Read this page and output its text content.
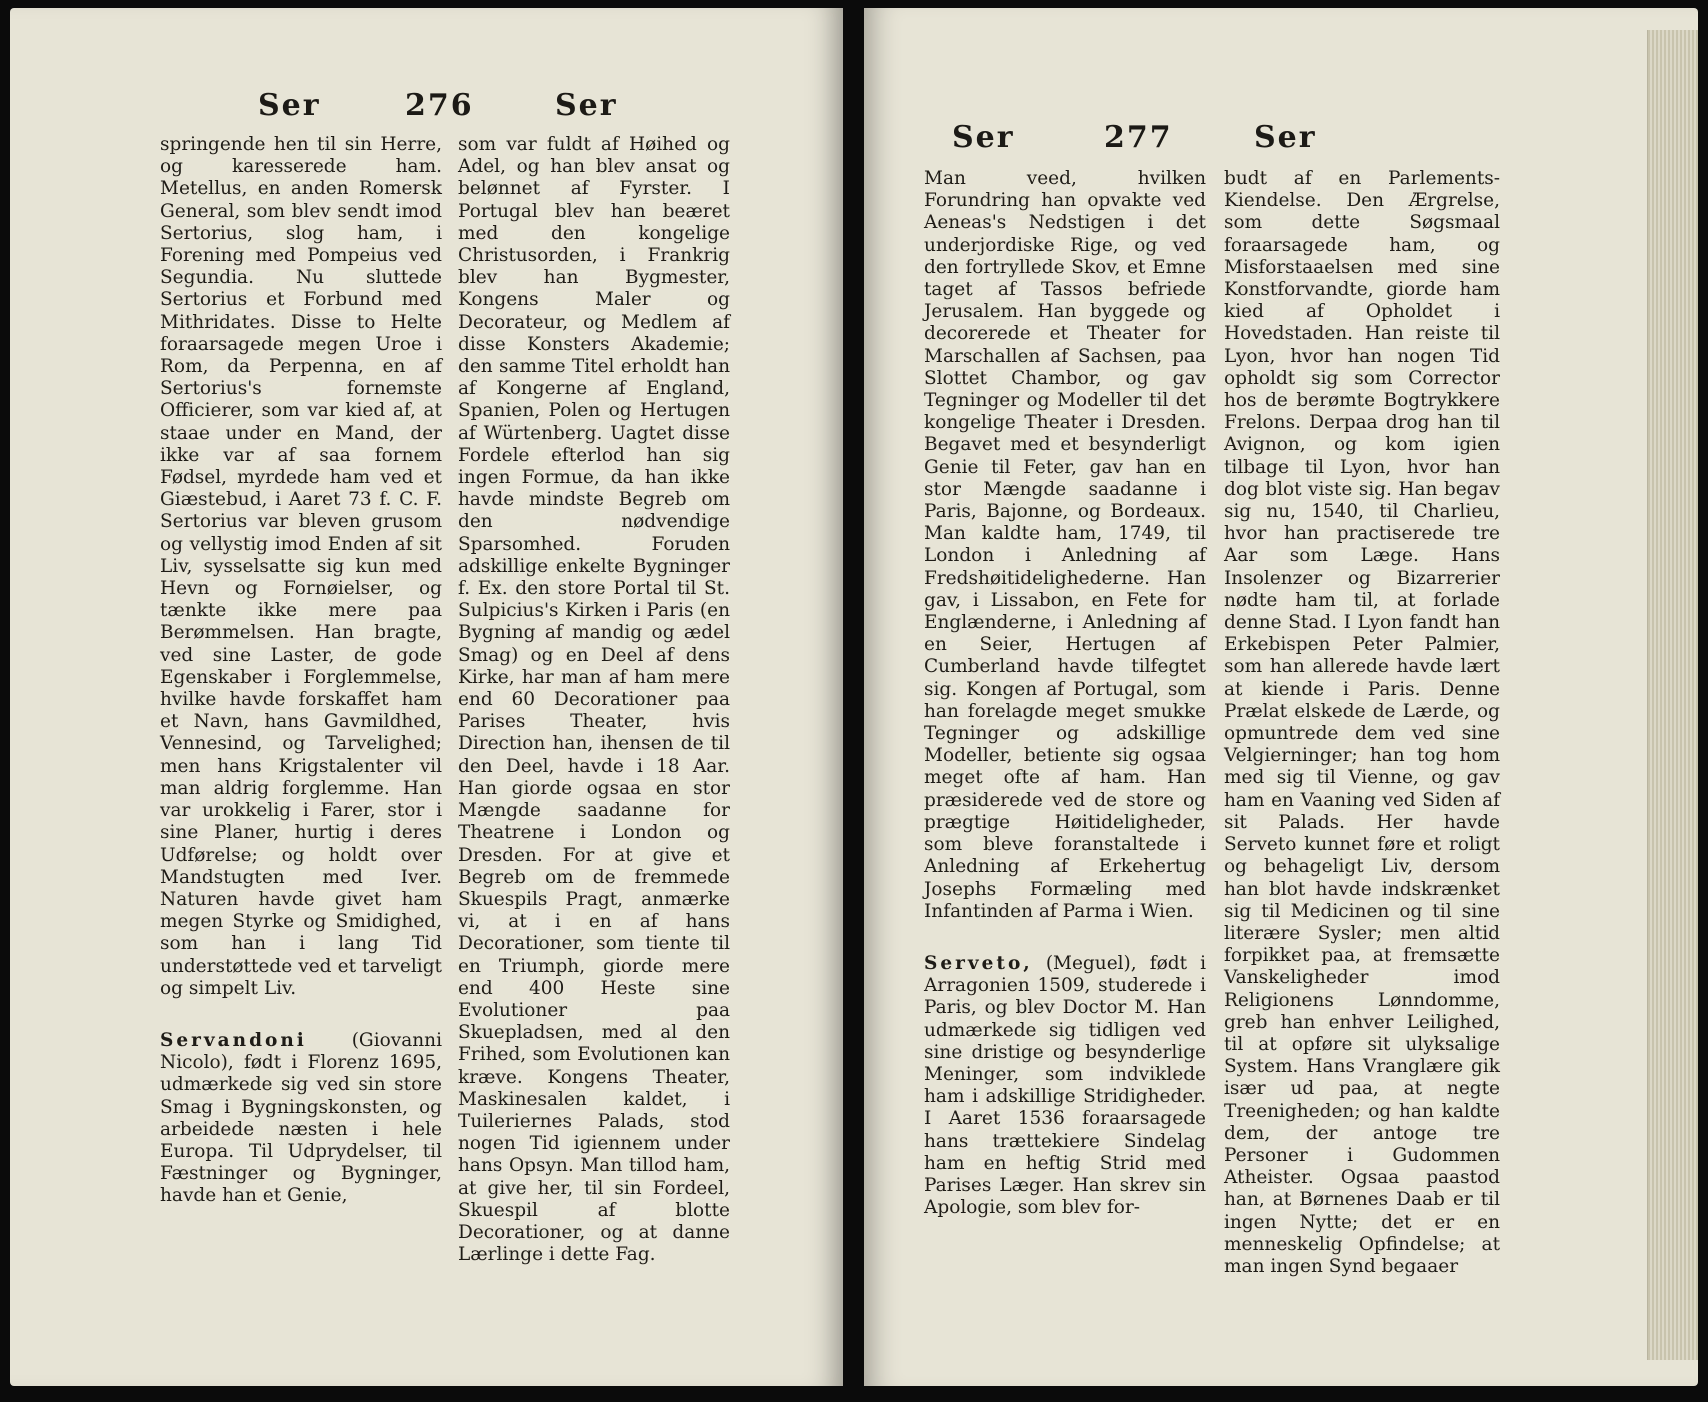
Ser	276	Ser

springende hen til sin Herre, og karesserede ham. Metellus, en anden Romersk General, som blev sendt imod Sertorius, slog ham, i Forening med Pompeius ved Segundia. Nu sluttede Sertorius et Forbund med Mithridates. Disse to Helte foraarsagede megen Uroe i Rom, da Perpenna, en af Sertorius's fornemste Officierer, som var kied af, at staae under en Mand, der ikke var af saa fornem Fødsel, myrdede ham ved et Giæstebud, i Aaret 73 f. C. F. Sertorius var bleven grusom og vellystig imod Enden af sit Liv, sysselsatte sig kun med Hevn og Fornøielser, og tænkte ikke mere paa Berømmelsen. Han bragte, ved sine Laster, de gode Egenskaber i Forglemmelse, hvilke havde forskaffet ham et Navn, hans Gavmildhed, Vennesind, og Tarvelighed; men hans Krigstalenter vil man aldrig forglemme. Han var urokkelig i Farer, stor i sine Planer, hurtig i deres Udførelse; og holdt over Mandstugten med Iver. Naturen havde givet ham megen Styrke og Smidighed, som han i lang Tid understøttede ved et tarveligt og simpelt Liv.

Servandoni (Giovanni Nicolo), født i Florenz 1695, udmærkede sig ved sin store Smag i Bygningskonsten, og arbeidede næsten i hele Europa. Til Udprydelser, til Fæstninger og Bygninger, havde han et Genie,

som var fuldt af Høihed og Adel, og han blev ansat og belønnet af Fyrster. I Portugal blev han beæret med den kongelige Christusorden, i Frankrig blev han Bygmester, Kongens Maler og Decorateur, og Medlem af disse Konsters Akademie; den samme Titel erholdt han af Kongerne af England, Spanien, Polen og Hertugen af Würtenberg. Uagtet disse Fordele efterlod han sig ingen Formue, da han ikke havde mindste Begreb om den nødvendige Sparsomhed. Foruden adskillige enkelte Bygninger f. Ex. den store Portal til St. Sulpicius's Kirken i Paris (en Bygning af mandig og ædel Smag) og en Deel af dens Kirke, har man af ham mere end 60 Decorationer paa Parises Theater, hvis Direction han, ihensen de til den Deel, havde i 18 Aar. Han giorde ogsaa en stor Mængde saadanne for Theatrene i London og Dresden. For at give et Begreb om de fremmede Skuespils Pragt, anmærke vi, at i en af hans Decorationer, som tiente til en Triumph, giorde mere end 400 Heste sine Evolutioner paa Skuepladsen, med al den Frihed, som Evolutionen kan kræve. Kongens Theater, Maskinesalen kaldet, i Tuileriernes Palads, stod nogen Tid igiennem under hans Opsyn. Man tillod ham, at give her, til sin Fordeel, Skuespil af blotte Decorationer, og at danne Lærlinge i dette Fag.

Ser	277	Ser

Man veed, hvilken Forundring han opvakte ved Aeneas's Nedstigen i det underjordiske Rige, og ved den fortryllede Skov, et Emne taget af Tassos befriede Jerusalem. Han byggede og decorerede et Theater for Marschallen af Sachsen, paa Slottet Chambor, og gav Tegninger og Modeller til det kongelige Theater i Dresden. Begavet med et besynderligt Genie til Feter, gav han en stor Mængde saadanne i Paris, Bajonne, og Bordeaux. Man kaldte ham, 1749, til London i Anledning af Fredshøitidelighederne. Han gav, i Lissabon, en Fete for Englænderne, i Anledning af en Seier, Hertugen af Cumberland havde tilfegtet sig. Kongen af Portugal, som han forelagde meget smukke Tegninger og adskillige Modeller, betiente sig ogsaa meget ofte af ham. Han præsiderede ved de store og prægtige Høitideligheder, som bleve foranstaltede i Anledning af Erkehertug Josephs Formæling med Infantinden af Parma i Wien.

Serveto, (Meguel), født i Arragonien 1509, studerede i Paris, og blev Doctor M. Han udmærkede sig tidligen ved sine dristige og besynderlige Meninger, som indviklede ham i adskillige Stridigheder. I Aaret 1536 foraarsagede hans trættekiere Sindelag ham en heftig Strid med Parises Læger. Han skrev sin Apologie, som blev for-

budt af en Parlements-Kiendelse. Den Ærgrelse, som dette Søgsmaal foraarsagede ham, og Misforstaaelsen med sine Konstforvandte, giorde ham kied af Opholdet i Hovedstaden. Han reiste til Lyon, hvor han nogen Tid opholdt sig som Corrector hos de berømte Bogtrykkere Frelons. Derpaa drog han til Avignon, og kom igien tilbage til Lyon, hvor han dog blot viste sig. Han begav sig nu, 1540, til Charlieu, hvor han practiserede tre Aar som Læge. Hans Insolenzer og Bizarrerier nødte ham til, at forlade denne Stad. I Lyon fandt han Erkebispen Peter Palmier, som han allerede havde lært at kiende i Paris. Denne Prælat elskede de Lærde, og opmuntrede dem ved sine Velgierninger; han tog hom med sig til Vienne, og gav ham en Vaaning ved Siden af sit Palads. Her havde Serveto kunnet føre et roligt og behageligt Liv, dersom han blot havde indskrænket sig til Medicinen og til sine literære Sysler; men altid forpikket paa, at fremsætte Vanskeligheder imod Religionens Lønndomme, greb han enhver Leilighed, til at opføre sit ulyksalige System. Hans Vranglære gik især ud paa, at negte Treenigheden; og han kaldte dem, der antoge tre Personer i Gudommen Atheister. Ogsaa paastod han, at Børnenes Daab er til ingen Nytte; det er en menneskelig Opfindelse; at man ingen Synd begaaer
